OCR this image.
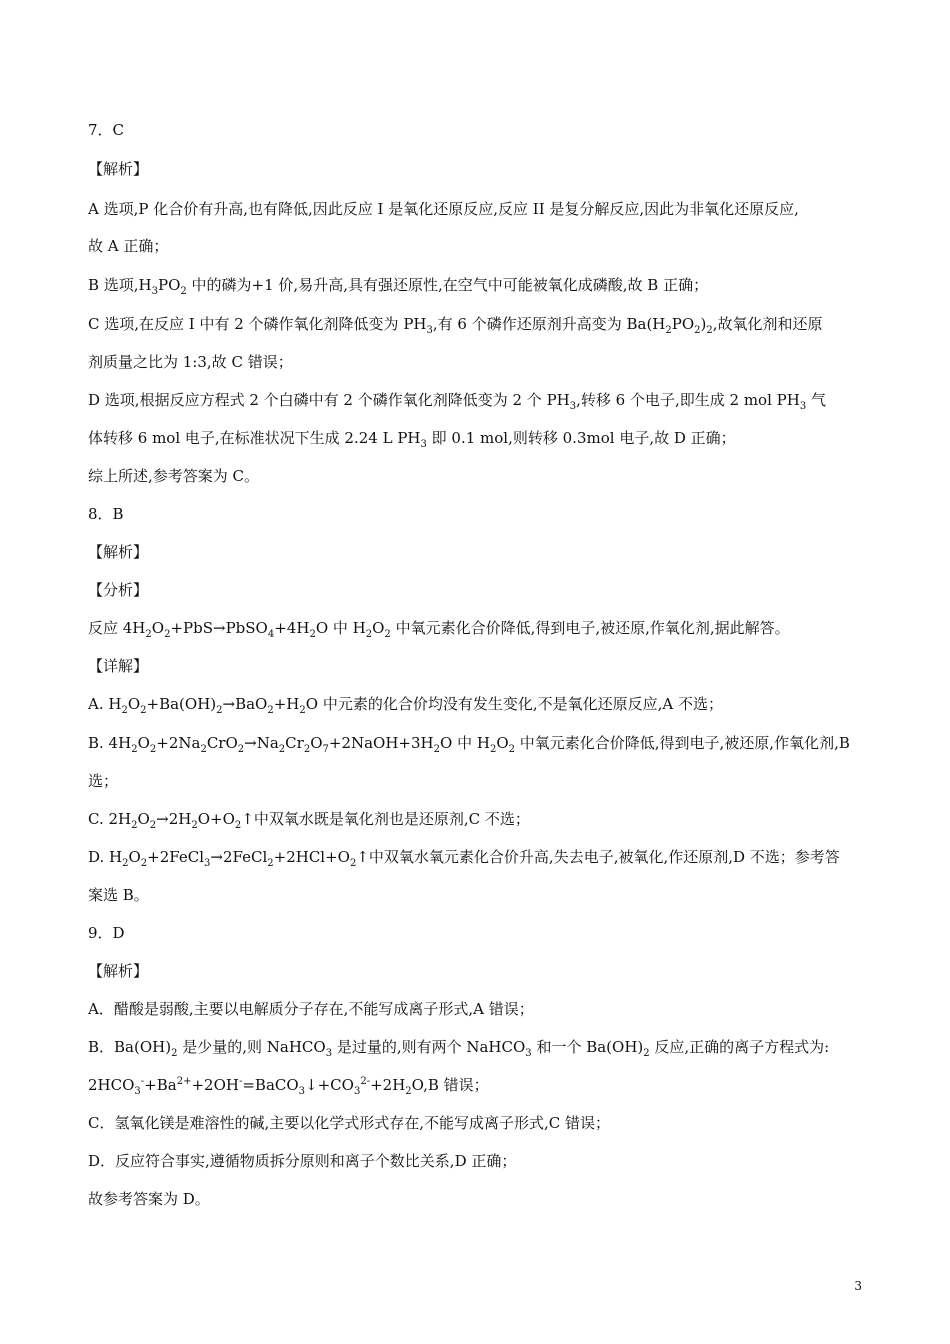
7．C
【解析】
A 选项,P 化合价有升高,也有降低,因此反应 I 是氧化还原反应,反应 II 是复分解反应,因此为非氧化还原反应,
故 A 正确；
B 选项$,H_3PO_2$ 中的磷为+1 价,易升高,具有强还原性,在空气中可能被氧化成磷酸,故 B 正确；
C 选项,在反应 I 中有 2 个磷作氧化剂降低变为 $PH_3$,有 6 个磷作还原剂升高变为 $Ba(H_2PO_2)_2$,故氧化剂和还原
剂质量之比为 1:3,故 C 错误；
D 选项,根据反应方程式 2 个白磷中有 2 个磷作氧化剂降低变为 2 个 $PH_3$,转移 6 个电子,即生成 2 mol $PH_3$ 气
体转移 6 mol 电子,在标准状况下生成 2.24 L $PH_3$ 即 0.1 mol,则转移 0.3mol 电子,故 D 正确；
综上所述,参考答案为 C。
8．B
【解析】
【分析】
反应 $4H_2O_2+PbS\to PbSO_4+4H_2O$ 中 $H_2O_2$ 中氧元素化合价降低,得到电子,被还原,作氧化剂,据此解答。
【详解】
A. $H_2O_2+Ba(OH)_2\to BaO_2+H_2O$ 中元素的化合价均没有发生变化,不是氧化还原反应,A 不选；
B. $4H_2O_2+2Na_2CrO_2\to Na_2Cr_2O_7+2NaOH+3H_2O$ 中 $H_2O_2$ 中氧元素化合价降低,得到电子,被还原,作氧化剂,B
选；
C. $2H_2O_2\to 2H_2O+O_2↑$中双氧水既是氧化剂也是还原剂,C 不选；
D. $H_2O_2+2FeCl_3\to 2FeCl_2+2HCl+O_2↑$中双氧水氧元素化合价升高,失去电子,被氧化,作还原剂,D 不选；参考答
案选 B。
9．D
【解析】
A．醋酸是弱酸,主要以电解质分子存在,不能写成离子形式,A 错误；
B．$Ba(OH)_2$ 是少量的,则 NaHCO$_3$ 是过量的,则有两个 NaHCO$_3$ 和一个 $Ba(OH)_2$ 反应,正确的离子方程式为:
$2HCO_3^-+Ba^{2+}+2OH^-=BaCO_3↓+CO_3^{2-}+2H_2O,B$ 错误；
C．氢氧化镁是难溶性的碱,主要以化学式形式存在,不能写成离子形式,C 错误；
D．反应符合事实,遵循物质拆分原则和离子个数比关系,D 正确；
故参考答案为 D。
3
